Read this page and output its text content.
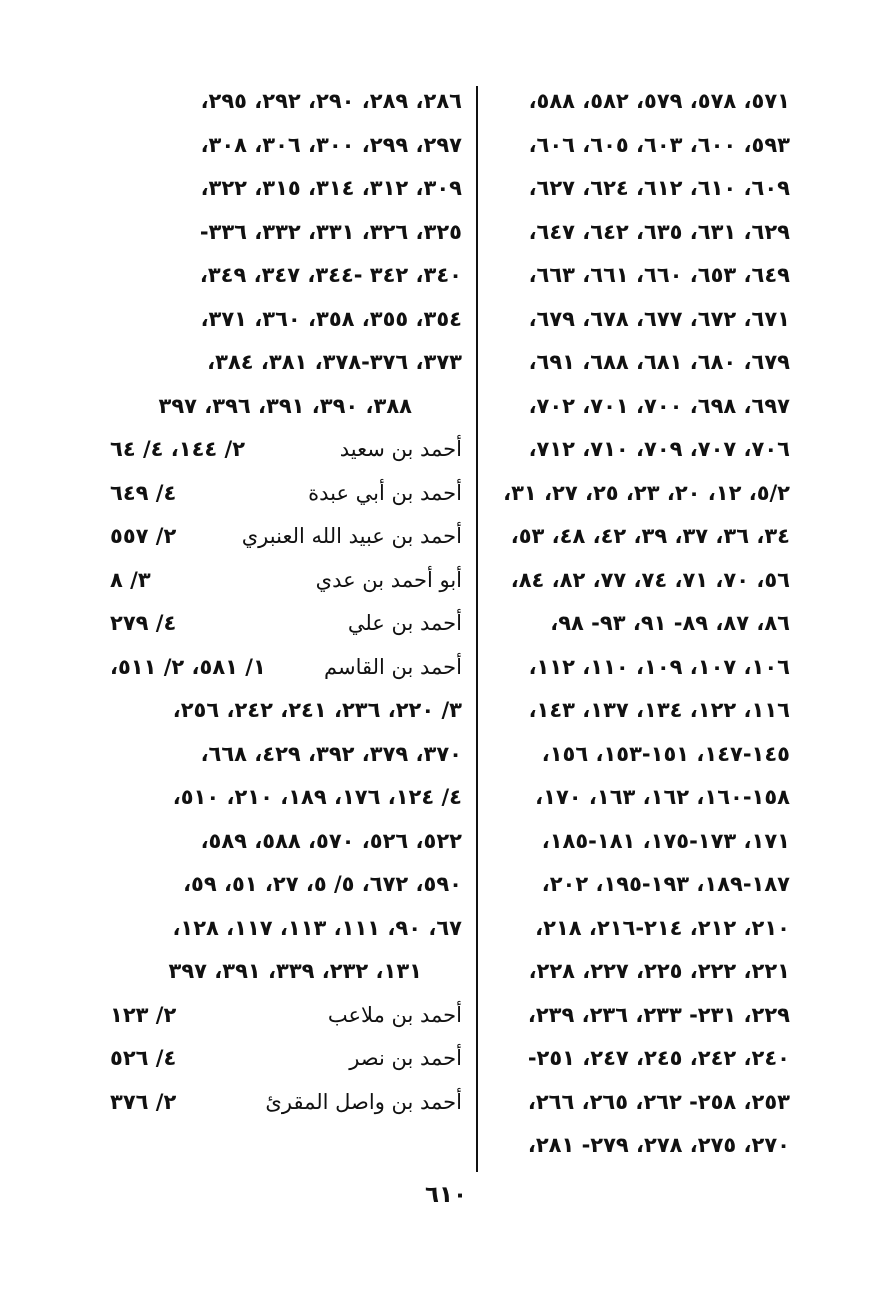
٥٧١، ٥٧٨، ٥٧٩، ٥٨٢، ٥٨٨،
٥٩٣، ٦٠٠، ٦٠٣، ٦٠٥، ٦٠٦،
٦٠٩، ٦١٠، ٦١٢، ٦٢٤، ٦٢٧،
٦٢٩، ٦٣١، ٦٣٥، ٦٤٢، ٦٤٧،
٦٤٩، ٦٥٣، ٦٦٠، ٦٦١، ٦٦٣،
٦٧١، ٦٧٢، ٦٧٧، ٦٧٨، ٦٧٩،
٦٧٩، ٦٨٠، ٦٨١، ٦٨٨، ٦٩١،
٦٩٧، ٦٩٨، ٧٠٠، ٧٠١، ٧٠٢،
٧٠٦، ٧٠٧، ٧٠٩، ٧١٠، ٧١٢،
٥/٢، ١٢، ٢٠، ٢٣، ٢٥، ٢٧، ٣١،
٣٤، ٣٦، ٣٧، ٣٩، ٤٢، ٤٨، ٥٣،
٥٦، ٧٠، ٧١، ٧٤، ٧٧، ٨٢، ٨٤،
٨٦، ٨٧، ٨٩- ٩١، ٩٣- ٩٨،
١٠٦، ١٠٧، ١٠٩، ١١٠، ١١٢،
١١٦، ١٢٢، ١٣٤، ١٣٧، ١٤٣،
١٤٥-١٤٧، ١٥١-١٥٣، ١٥٦،
١٥٨-١٦٠، ١٦٢، ١٦٣، ١٧٠،
١٧١، ١٧٣-١٧٥، ١٨١-١٨٥،
١٨٧-١٨٩، ١٩٣-١٩٥، ٢٠٢،
٢١٠، ٢١٢، ٢١٤-٢١٦، ٢١٨،
٢٢١، ٢٢٢، ٢٢٥، ٢٢٧، ٢٢٨،
٢٢٩، ٢٣١- ٢٣٣، ٢٣٦، ٢٣٩،
٢٤٠، ٢٤٢، ٢٤٥، ٢٤٧، ٢٥١-
٢٥٣، ٢٥٨- ٢٦٢، ٢٦٥، ٢٦٦،
٢٧٠، ٢٧٥، ٢٧٨، ٢٧٩- ٢٨١،
٢٨٦، ٢٨٩، ٢٩٠، ٢٩٢، ٢٩٥،
٢٩٧، ٢٩٩، ٣٠٠، ٣٠٦، ٣٠٨،
٣٠٩، ٣١٢، ٣١٤، ٣١٥، ٣٢٢،
٣٢٥، ٣٢٦، ٣٣١، ٣٣٢، ٣٣٦-
٣٤٠، ٣٤٢ -٣٤٤، ٣٤٧، ٣٤٩،
٣٥٤، ٣٥٥، ٣٥٨، ٣٦٠، ٣٧١،
٣٧٣، ٣٧٦-٣٧٨، ٣٨١، ٣٨٤،
٣٨٨، ٣٩٠، ٣٩١، ٣٩٦، ٣٩٧
أحمد بن سعيد
٢/ ١٤٤، ٤/ ٦٤
أحمد بن أبي عبدة
٤/ ٦٤٩
أحمد بن عبيد الله العنبري
٢/ ٥٥٧
أبو أحمد بن عدي
٣/ ٨
أحمد بن علي
٤/ ٢٧٩
أحمد بن القاسم
١/ ٥٨١، ٢/ ٥١١،
٣/ ٢٢٠، ٢٣٦، ٢٤١، ٢٤٢، ٢٥٦،
٣٧٠، ٣٧٩، ٣٩٢، ٤٢٩، ٦٦٨،
٤/ ١٢٤، ١٧٦، ١٨٩، ٢١٠، ٥١٠،
٥٢٢، ٥٢٦، ٥٧٠، ٥٨٨، ٥٨٩،
٥٩٠، ٦٧٢، ٥/ ٥، ٢٧، ٥١، ٥٩،
٦٧، ٩٠، ١١١، ١١٣، ١١٧، ١٢٨،
١٣١، ٢٣٢، ٣٣٩، ٣٩١، ٣٩٧
أحمد بن ملاعب
٢/ ١٢٣
أحمد بن نصر
٤/ ٥٢٦
أحمد بن واصل المقرئ
٢/ ٣٧٦
٦١٠
